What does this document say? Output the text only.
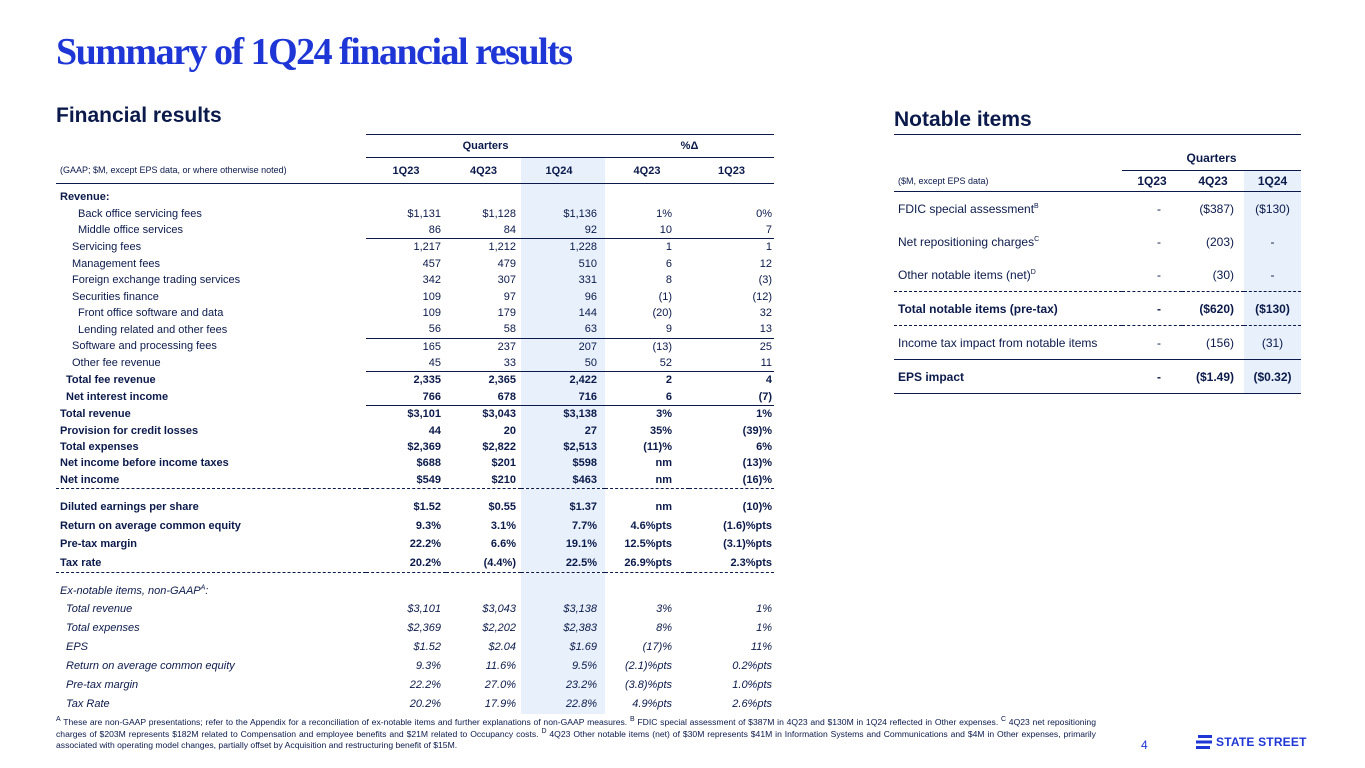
Summary of 1Q24 financial results
Financial results
	Quarters			%Δ	
(GAAP; $M, except EPS data, or where otherwise noted)	1Q23	4Q23	1Q24	4Q23	1Q23

Revenue:					
Back office servicing fees	$1,131	$1,128	$1,136	1%	0%
Middle office services	86	84	92	10	7
Servicing fees	1,217	1,212	1,228	1	1
Management fees	457	479	510	6	12
Foreign exchange trading services	342	307	331	8	(3)
Securities finance	109	97	96	(1)	(12)
Front office software and data	109	179	144	(20)	32
Lending related and other fees	56	58	63	9	13
Software and processing fees	165	237	207	(13)	25
Other fee revenue	45	33	50	52	11
Total fee revenue	2,335	2,365	2,422	2	4
Net interest income	766	678	716	6	(7)
Total revenue	$3,101	$3,043	$3,138	3%	1%
Provision for credit losses	44	20	27	35%	(39)%
Total expenses	$2,369	$2,822	$2,513	(11)%	6%
Net income before income taxes	$688	$201	$598	nm	(13)%
Net income	$549	$210	$463	nm	(16)%

Diluted earnings per share	$1.52	$0.55	$1.37	nm	(10)%
Return on average common equity	9.3%	3.1%	7.7%	4.6%pts	(1.6)%pts
Pre-tax margin	22.2%	6.6%	19.1%	12.5%pts	(3.1)%pts
Tax rate	20.2%	(4.4%)	22.5%	26.9%pts	2.3%pts

Ex-notable items, non-$GAAP^A$:					
Total revenue	$3,101	$3,043	$3,138	3%	1%
Total expenses	$2,369	$2,202	$2,383	8%	1%
EPS	$1.52	$2.04	$1.69	(17)%	11%
Return on average common equity	9.3%	11.6%	9.5%	(2.1)%pts	0.2%pts
Pre-tax margin	22.2%	27.0%	23.2%	(3.8)%pts	1.0%pts
Tax Rate	20.2%	17.9%	22.8%	4.9%pts	2.6%pts
Notable items
	Quarters		
($M, except EPS data)	1Q23	4Q23	1Q24
FDIC special assessment$^B$	-	($387)	($130)
Net repositioning charges$^C$	-	(203)	-
Other notable items (net)$^D$	-	(30)	-
Total notable items (pre-tax)	-	($620)	($130)
Income tax impact from notable items	-	(156)	(31)
EPS impact	-	($1.49)	($0.32)
$^A$ These are non-GAAP presentations; refer to the Appendix for a reconciliation of ex-notable items and further explanations of non-GAAP measures. $^B$ FDIC special assessment of $387M in 4Q23 and $130M in 1Q24 reflected in Other expenses. $^C$ 4Q23 net repositioning charges of $203M represents $182M related to Compensation and employee benefits and $21M related to Occupancy costs. $^D$ 4Q23 Other notable items (net) of $30M represents $41M in Information Systems and Communications and $4M in Other expenses, primarily associated with operating model changes, partially offset by Acquisition and restructuring benefit of $15M.	4	STATE STREET
